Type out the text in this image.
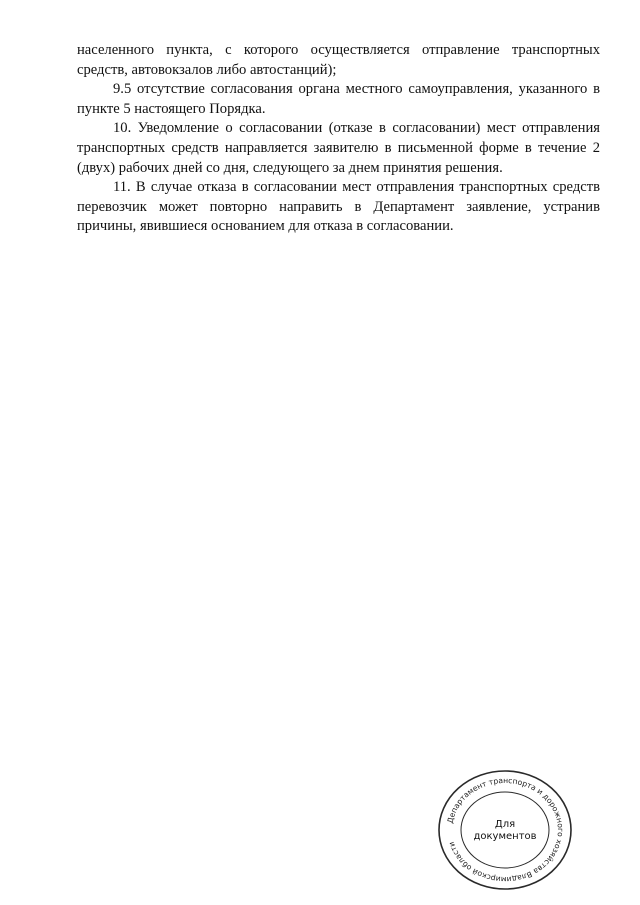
населенного пункта, с которого осуществляется отправление транспортных средств, автовокзалов либо автостанций);

9.5 отсутствие согласования органа местного самоуправления, указанного в пункте 5 настоящего Порядка.

10. Уведомление о согласовании (отказе в согласовании) мест отправления транспортных средств направляется заявителю в письменной форме в течение 2 (двух) рабочих дней со дня, следующего за днем принятия решения.

11. В случае отказа в согласовании мест отправления транспортных средств перевозчик может повторно направить в Департамент заявление, устранив причины, явившиеся основанием для отказа в согласовании.

Департамент транспорта и дорожного хозяйства Владимирской области
Для
документов
